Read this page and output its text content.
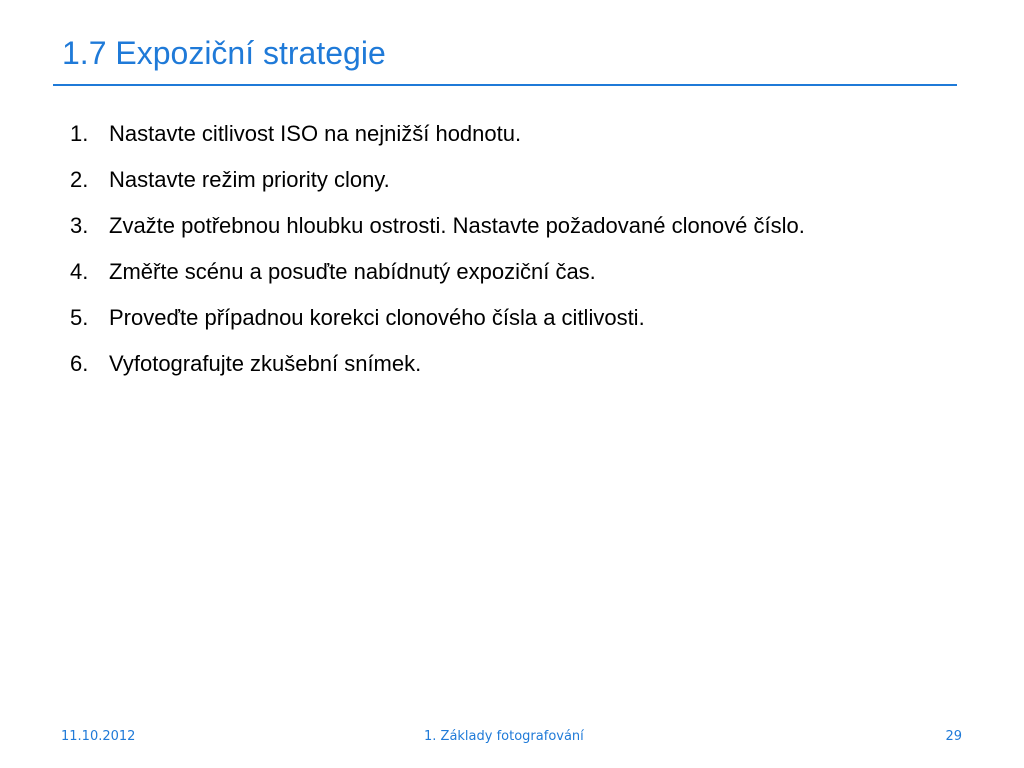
1.7 Expoziční strategie
1. Nastavte citlivost ISO na nejnižší hodnotu.
2. Nastavte režim priority clony.
3. Zvažte potřebnou hloubku ostrosti. Nastavte požadované clonové číslo.
4. Změřte scénu a posuďte nabídnutý expoziční čas.
5. Proveďte případnou korekci clonového čísla a citlivosti.
6. Vyfotografujte zkušební snímek.
11.10.2012	1. Základy fotografování	29
